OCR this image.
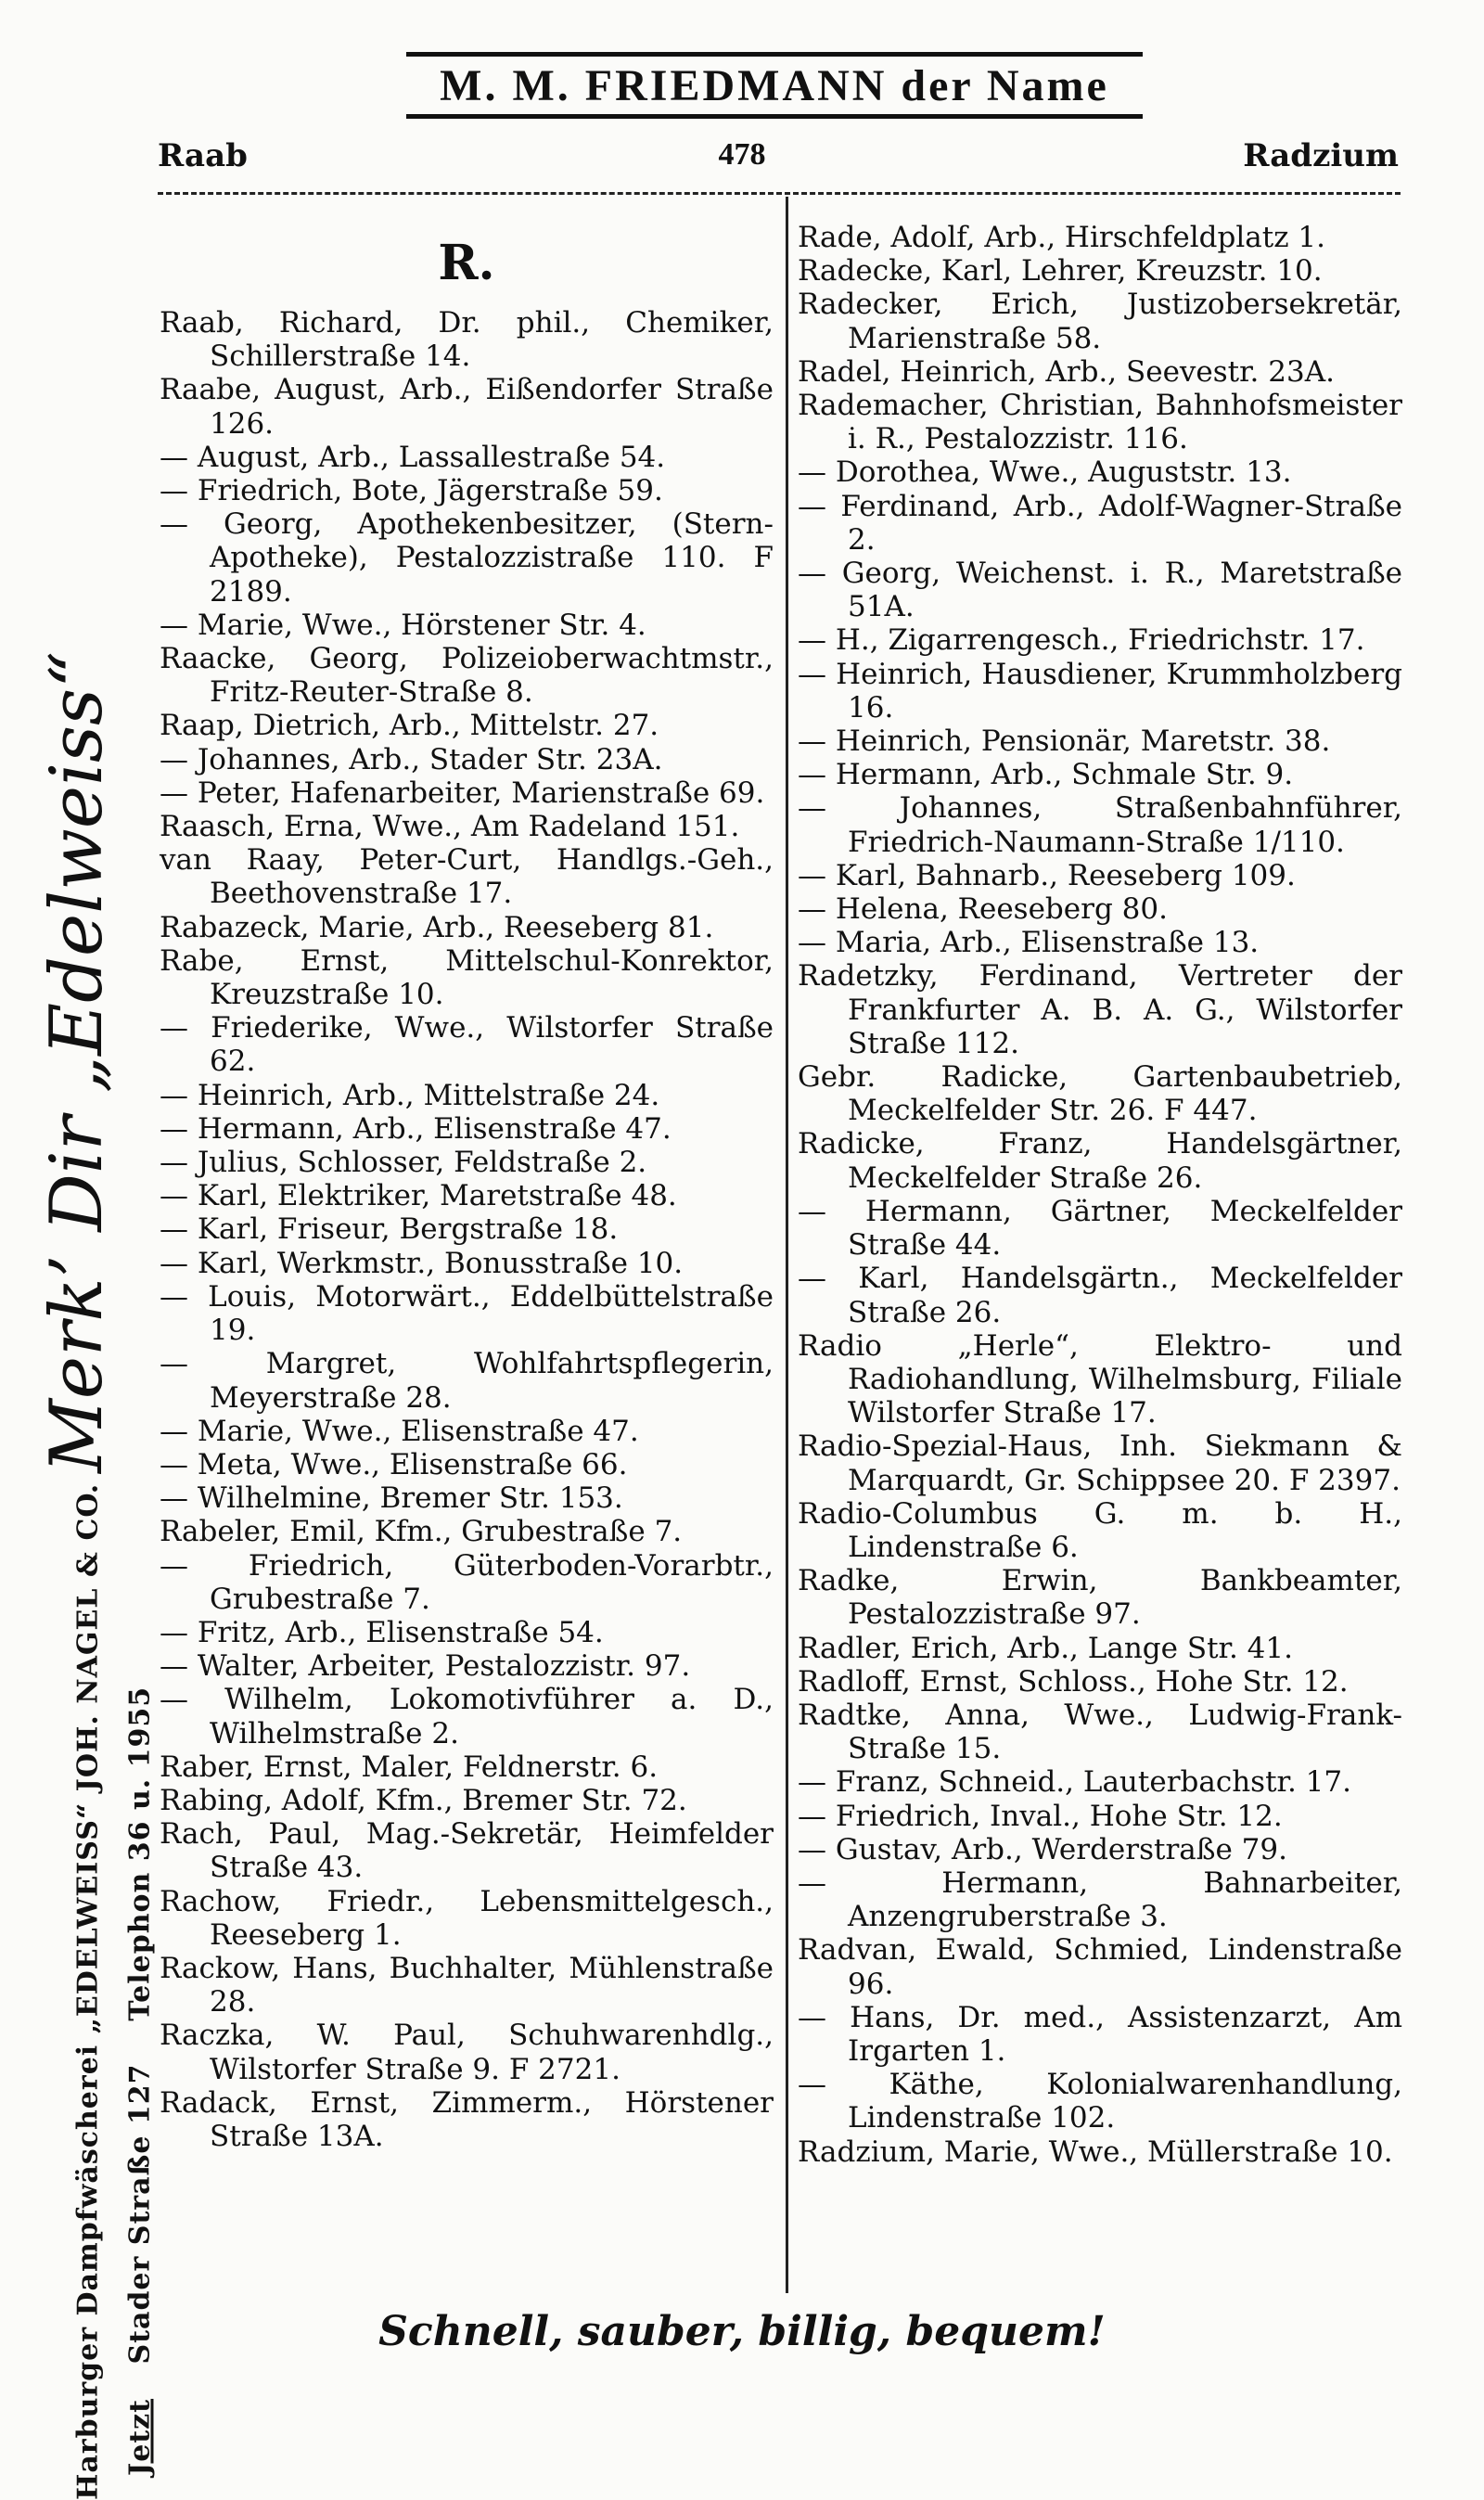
M. M. FRIEDMANN der Name
Raab	478	Radzium
Merk’ Dir „Edelweiss“
Harburger Dampfwäscherei „EDELWEISS“ JOH. NAGEL & CO. Jetzt Stader Straße 127    Telephon 36 u. 1955
R.
Raab, Richard, Dr. phil., Chemiker, Schillerstraße 14.
Raabe, August, Arb., Eißendorfer Straße 126.
— August, Arb., Lassallestraße 54.
— Friedrich, Bote, Jägerstraße 59.
— Georg, Apothekenbesitzer, (Stern-Apotheke), Pestalozzistraße 110. F 2189.
— Marie, Wwe., Hörstener Str. 4.
Raacke, Georg, Polizeioberwachtmstr., Fritz-Reuter-Straße 8.
Raap, Dietrich, Arb., Mittelstr. 27.
— Johannes, Arb., Stader Str. 23A.
— Peter, Hafenarbeiter, Marienstraße 69.
Raasch, Erna, Wwe., Am Radeland 151.
van Raay, Peter-Curt, Handlgs.-Geh., Beethovenstraße 17.
Rabazeck, Marie, Arb., Reeseberg 81.
Rabe, Ernst, Mittelschul-Konrektor, Kreuzstraße 10.
— Friederike, Wwe., Wilstorfer Straße 62.
— Heinrich, Arb., Mittelstraße 24.
— Hermann, Arb., Elisenstraße 47.
— Julius, Schlosser, Feldstraße 2.
— Karl, Elektriker, Maretstraße 48.
— Karl, Friseur, Bergstraße 18.
— Karl, Werkmstr., Bonusstraße 10.
— Louis, Motorwärt., Eddelbüttelstraße 19.
— Margret, Wohlfahrtspflegerin, Meyerstraße 28.
— Marie, Wwe., Elisenstraße 47.
— Meta, Wwe., Elisenstraße 66.
— Wilhelmine, Bremer Str. 153.
Rabeler, Emil, Kfm., Grubestraße 7.
— Friedrich, Güterboden-Vorarbtr., Grubestraße 7.
— Fritz, Arb., Elisenstraße 54.
— Walter, Arbeiter, Pestalozzistr. 97.
— Wilhelm, Lokomotivführer a. D., Wilhelmstraße 2.
Raber, Ernst, Maler, Feldnerstr. 6.
Rabing, Adolf, Kfm., Bremer Str. 72.
Rach, Paul, Mag.-Sekretär, Heimfelder Straße 43.
Rachow, Friedr., Lebensmittelgesch., Reeseberg 1.
Rackow, Hans, Buchhalter, Mühlenstraße 28.
Raczka, W. Paul, Schuhwarenhdlg., Wilstorfer Straße 9. F 2721.
Radack, Ernst, Zimmerm., Hörstener Straße 13A.
Rade, Adolf, Arb., Hirschfeldplatz 1.
Radecke, Karl, Lehrer, Kreuzstr. 10.
Radecker, Erich, Justizobersekretär, Marienstraße 58.
Radel, Heinrich, Arb., Seevestr. 23A.
Rademacher, Christian, Bahnhofsmeister i. R., Pestalozzistr. 116.
— Dorothea, Wwe., Auguststr. 13.
— Ferdinand, Arb., Adolf-Wagner-Straße 2.
— Georg, Weichenst. i. R., Maretstraße 51A.
— H., Zigarrengesch., Friedrichstr. 17.
— Heinrich, Hausdiener, Krummholzberg 16.
— Heinrich, Pensionär, Maretstr. 38.
— Hermann, Arb., Schmale Str. 9.
— Johannes, Straßenbahnführer, Friedrich-Naumann-Straße 1/110.
— Karl, Bahnarb., Reeseberg 109.
— Helena, Reeseberg 80.
— Maria, Arb., Elisenstraße 13.
Radetzky, Ferdinand, Vertreter der Frankfurter A. B. A. G., Wilstorfer Straße 112.
Gebr. Radicke, Gartenbaubetrieb, Meckelfelder Str. 26. F 447.
Radicke, Franz, Handelsgärtner, Meckelfelder Straße 26.
— Hermann, Gärtner, Meckelfelder Straße 44.
— Karl, Handelsgärtn., Meckelfelder Straße 26.
Radio „Herle“, Elektro- und Radiohandlung, Wilhelmsburg, Filiale Wilstorfer Straße 17.
Radio-Spezial-Haus, Inh. Siekmann & Marquardt, Gr. Schippsee 20. F 2397.
Radio-Columbus G. m. b. H., Lindenstraße 6.
Radke, Erwin, Bankbeamter, Pestalozzistraße 97.
Radler, Erich, Arb., Lange Str. 41.
Radloff, Ernst, Schloss., Hohe Str. 12.
Radtke, Anna, Wwe., Ludwig-Frank-Straße 15.
— Franz, Schneid., Lauterbachstr. 17.
— Friedrich, Inval., Hohe Str. 12.
— Gustav, Arb., Werderstraße 79.
— Hermann, Bahnarbeiter, Anzengruberstraße 3.
Radvan, Ewald, Schmied, Lindenstraße 96.
— Hans, Dr. med., Assistenzarzt, Am Irgarten 1.
— Käthe, Kolonialwarenhandlung, Lindenstraße 102.
Radzium, Marie, Wwe., Müllerstraße 10.
Schnell, sauber, billig, bequem!
